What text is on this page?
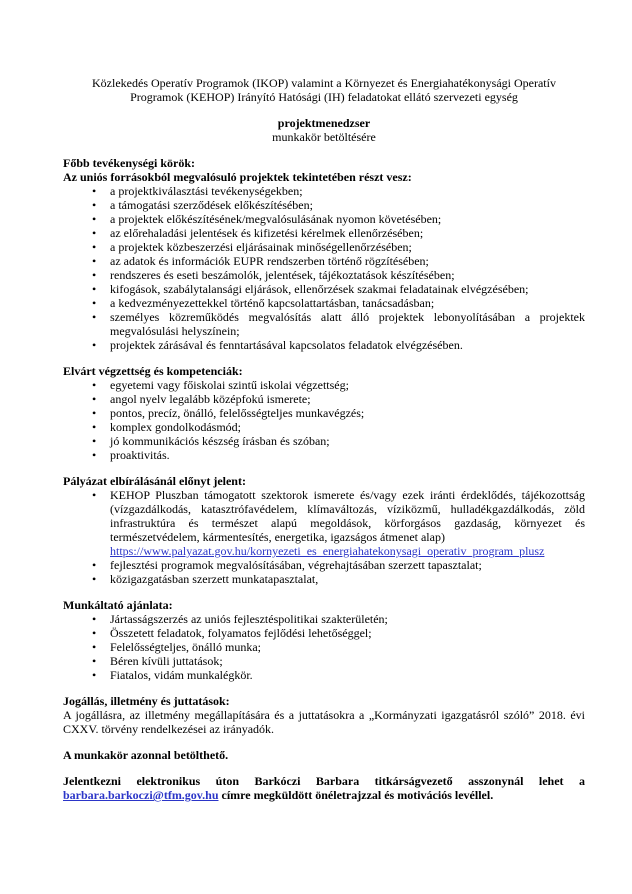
Közlekedés Operatív Programok (IKOP) valamint a Környezet és Energiahatékonysági Operatív
Programok (KEHOP) Irányító Hatósági (IH) feladatokat ellátó szervezeti egység
projektmenedzser
munkakör betöltésére
Főbb tevékenységi körök:
Az uniós forrásokból megvalósuló projektek tekintetében részt vesz:
• a projektkiválasztási tevékenységekben;
• a támogatási szerződések előkészítésében;
• a projektek előkészítésének/megvalósulásának nyomon követésében;
• az előrehaladási jelentések és kifizetési kérelmek ellenőrzésében;
• a projektek közbeszerzési eljárásainak minőségellenőrzésében;
• az adatok és információk EUPR rendszerben történő rögzítésében;
• rendszeres és eseti beszámolók, jelentések, tájékoztatások készítésében;
• kifogások, szabálytalansági eljárások, ellenőrzések szakmai feladatainak elvégzésében;
• a kedvezményezettekkel történő kapcsolattartásban, tanácsadásban;
• személyes közreműködés megvalósítás alatt álló projektek lebonyolításában a projektek megvalósulási helyszínein;
• projektek zárásával és fenntartásával kapcsolatos feladatok elvégzésében.
Elvárt végzettség és kompetenciák:
• egyetemi vagy főiskolai szintű iskolai végzettség;
• angol nyelv legalább középfokú ismerete;
• pontos, precíz, önálló, felelősségteljes munkavégzés;
• komplex gondolkodásmód;
• jó kommunikációs készség írásban és szóban;
• proaktivitás.
Pályázat elbírálásánál előnyt jelent:
• KEHOP Pluszban támogatott szektorok ismerete és/vagy ezek iránti érdeklődés, tájékozottság (vízgazdálkodás, katasztrófavédelem, klímaváltozás, víziközmű, hulladékgazdálkodás, zöld infrastruktúra és természet alapú megoldások, körforgásos gazdaság, környezet és természetvédelem, kármentesítés, energetika, igazságos átmenet alap)
https://www.palyazat.gov.hu/kornyezeti_es_energiahatekonysagi_operativ_program_plusz
• fejlesztési programok megvalósításában, végrehajtásában szerzett tapasztalat;
• közigazgatásban szerzett munkatapasztalat,
Munkáltató ajánlata:
• Jártasságszerzés az uniós fejlesztéspolitikai szakterületén;
• Összetett feladatok, folyamatos fejlődési lehetőséggel;
• Felelősségteljes, önálló munka;
• Béren kívüli juttatások;
• Fiatalos, vidám munkalégkör.
Jogállás, illetmény és juttatások:
A jogállásra, az illetmény megállapítására és a juttatásokra a „Kormányzati igazgatásról szóló” 2018. évi CXXV. törvény rendelkezései az irányadók.
A munkakör azonnal betölthető.
Jelentkezni elektronikus úton Barkóczi Barbara titkárságvezető asszonynál lehet a barbara.barkoczi@tfm.gov.hu címre megküldött önéletrajzzal és motivációs levéllel.
